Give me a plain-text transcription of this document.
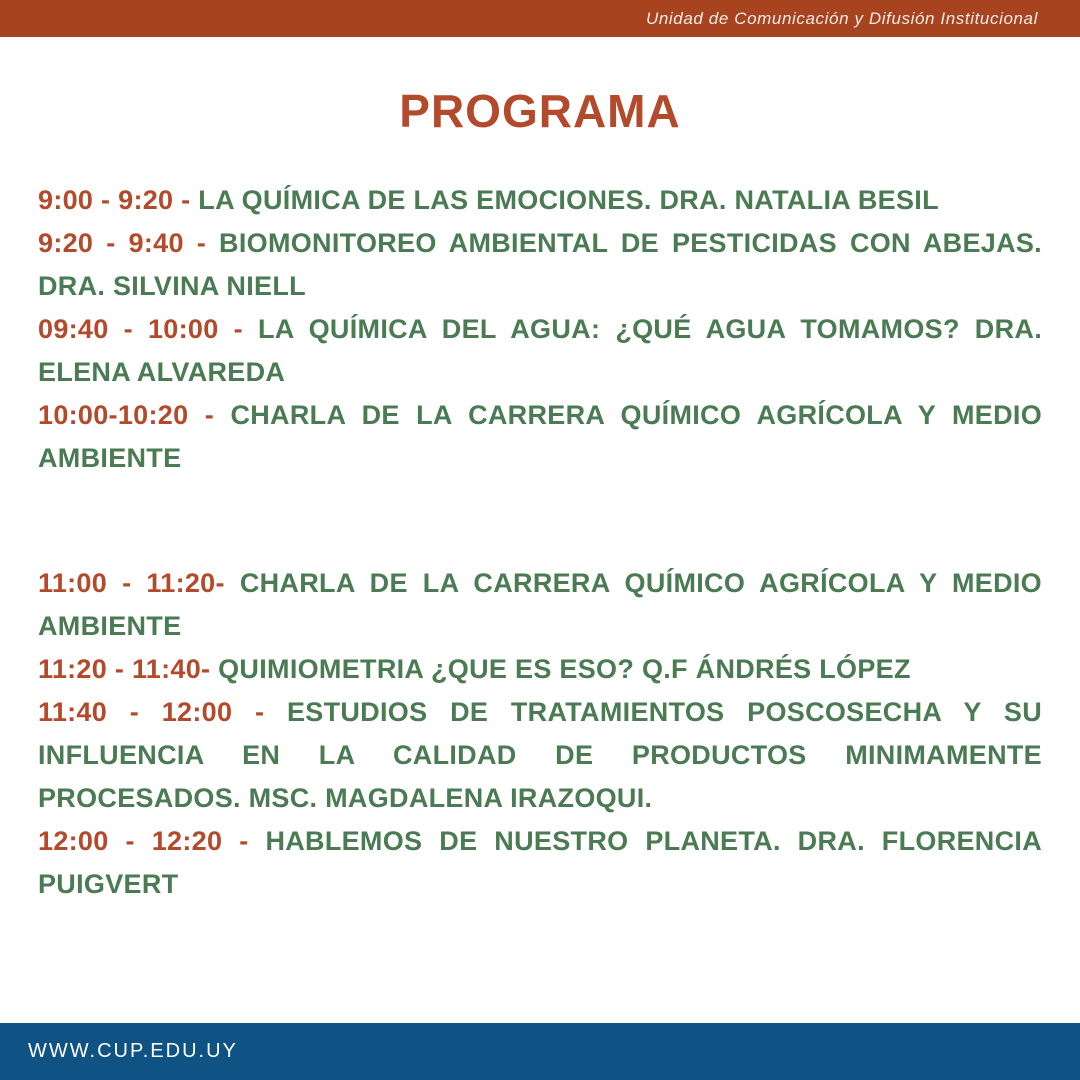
Unidad de Comunicación y Difusión Institucional
PROGRAMA

9:00 - 9:20 - LA QUÍMICA DE LAS EMOCIONES. DRA. NATALIA BESIL

9:20 - 9:40 - BIOMONITOREO AMBIENTAL DE PESTICIDAS CON ABEJAS. DRA. SILVINA NIELL

09:40 - 10:00 - LA QUÍMICA DEL AGUA: ¿QUÉ AGUA TOMAMOS? DRA. ELENA ALVAREDA

10:00-10:20 - CHARLA DE LA CARRERA QUÍMICO AGRÍCOLA Y MEDIO AMBIENTE

11:00 - 11:20- CHARLA DE LA CARRERA QUÍMICO AGRÍCOLA Y MEDIO AMBIENTE

11:20 - 11:40- QUIMIOMETRIA ¿QUE ES ESO? Q.F ÁNDRÉS LÓPEZ

11:40 - 12:00 - ESTUDIOS DE TRATAMIENTOS POSCOSECHA Y SU INFLUENCIA EN LA CALIDAD DE PRODUCTOS MINIMAMENTE PROCESADOS. MSC. MAGDALENA IRAZOQUI.

12:00 - 12:20 - HABLEMOS DE NUESTRO PLANETA. DRA. FLORENCIA PUIGVERT

WWW.CUP.EDU.UY
